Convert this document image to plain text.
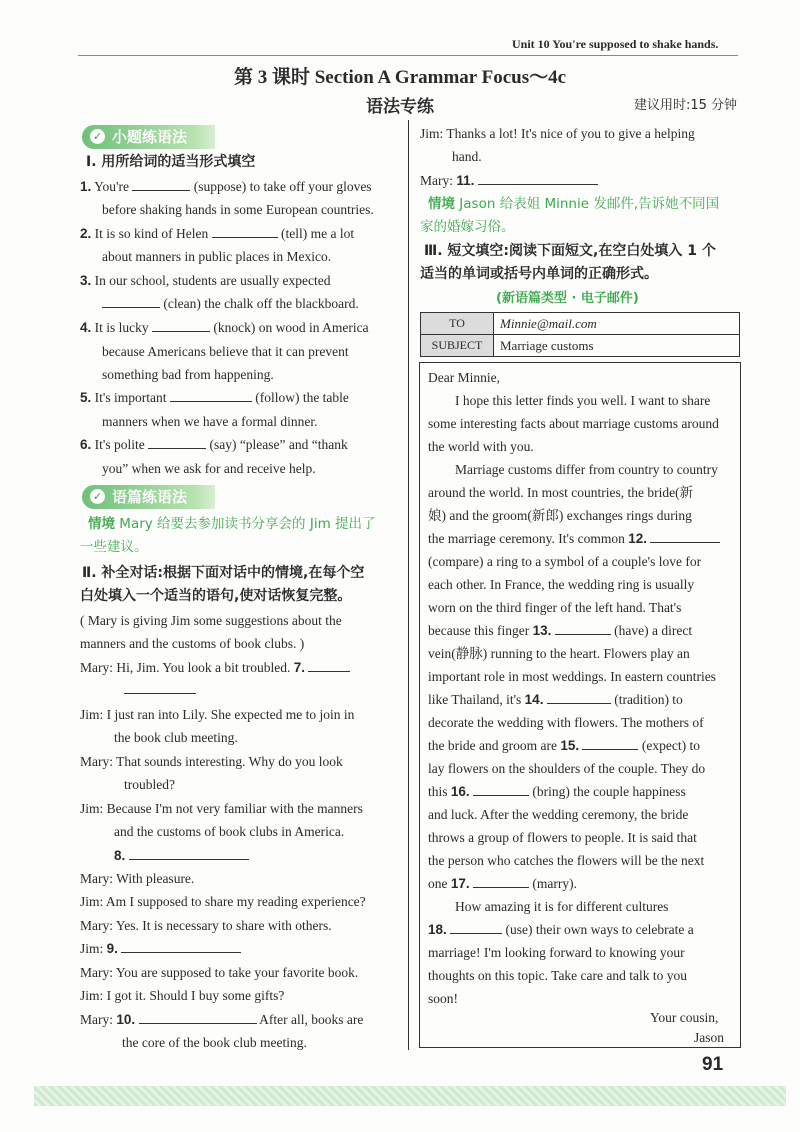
Unit 10 You're supposed to shake hands.
第 3 课时 Section A Grammar Focus～4c
语法专练	建议用时:15 分钟
✓ 小题练语法
Ⅰ. 用所给词的适当形式填空
1. You're	(suppose) to take off your gloves
before shaking hands in some European countries.
2. It is so kind of Helen	(tell) me a lot
about manners in public places in Mexico.
3. In our school, students are usually expected
(clean) the chalk off the blackboard.
4. It is lucky	(knock) on wood in America
because Americans believe that it can prevent
something bad from happening.
5. It's important	(follow) the table
manners when we have a formal dinner.
6. It's polite	(say) “please” and “thank
you” when we ask for and receive help.
✓ 语篇练语法
情境 Mary 给要去参加读书分享会的 Jim 提出了
一些建议。
Ⅱ. 补全对话:根据下面对话中的情境,在每个空
白处填入一个适当的语句,使对话恢复完整。
( Mary is giving Jim some suggestions about the
manners and the customs of book clubs. )
Mary: Hi, Jim. You look a bit troubled. 7.
Jim: I just ran into Lily. She expected me to join in
the book club meeting.
Mary: That sounds interesting. Why do you look
troubled?
Jim: Because I'm not very familiar with the manners
and the customs of book clubs in America.
8.
Mary: With pleasure.
Jim: Am I supposed to share my reading experience?
Mary: Yes. It is necessary to share with others.
Jim: 9.
Mary: You are supposed to take your favorite book.
Jim: I got it. Should I buy some gifts?
Mary: 10.	After all, books are
the core of the book club meeting.
Jim: Thanks a lot! It's nice of you to give a helping
hand.
Mary: 11.
情境 Jason 给表姐 Minnie 发邮件,告诉她不同国
家的婚嫁习俗。
Ⅲ. 短文填空:阅读下面短文,在空白处填入 1 个
适当的单词或括号内单词的正确形式。
(新语篇类型 · 电子邮件)
TO	Minnie@mail.com
SUBJECT	Marriage customs
Dear Minnie,
I hope this letter finds you well. I want to share
some interesting facts about marriage customs around
the world with you.
Marriage customs differ from country to country
around the world. In most countries, the bride(新
娘) and the groom(新郎) exchanges rings during
the marriage ceremony. It's common 12.
(compare) a ring to a symbol of a couple's love for
each other. In France, the wedding ring is usually
worn on the third finger of the left hand. That's
because this finger 13.	(have) a direct
vein(静脉) running to the heart. Flowers play an
important role in most weddings. In eastern countries
like Thailand, it's 14.	(tradition) to
decorate the wedding with flowers. The mothers of
the bride and groom are 15.	(expect) to
lay flowers on the shoulders of the couple. They do
this 16.	(bring) the couple happiness
and luck. After the wedding ceremony, the bride
throws a group of flowers to people. It is said that
the person who catches the flowers will be the next
one 17.	(marry).
How amazing it is for different cultures
18.	(use) their own ways to celebrate a
marriage! I'm looking forward to knowing your
thoughts on this topic. Take care and talk to you
soon!
Your cousin,
Jason
91
